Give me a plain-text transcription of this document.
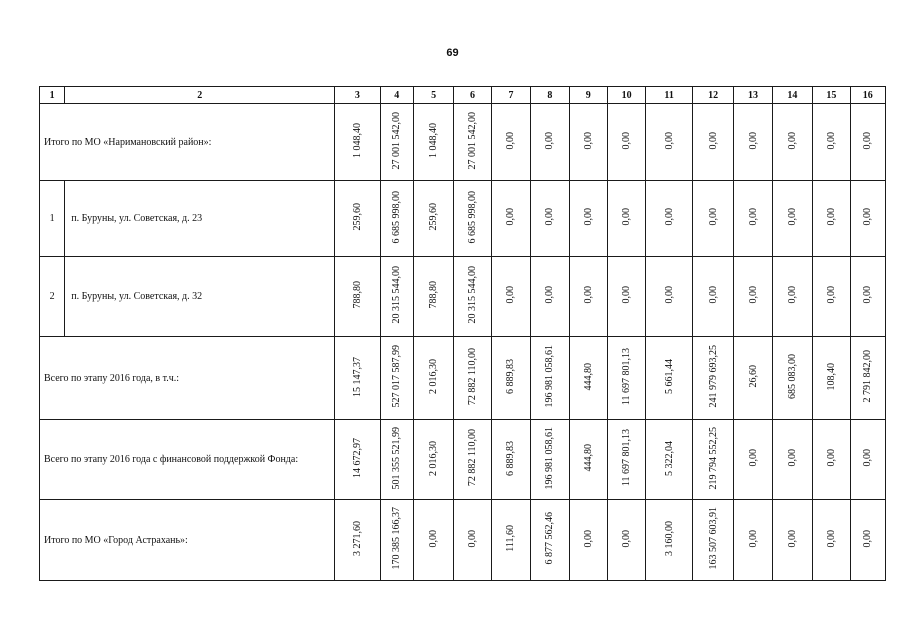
69
1	2	3	4	5	6	7	8	9	10	11	12	13	14	15	16
Итого по МО «Наримановский район»:		1 048,40	27 001 542,00	1 048,40	27 001 542,00	0,00	0,00	0,00	0,00	0,00	0,00	0,00	0,00	0,00	0,00
1	п. Буруны, ул. Советская, д. 23	259,60	6 685 998,00	259,60	6 685 998,00	0,00	0,00	0,00	0,00	0,00	0,00	0,00	0,00	0,00	0,00
2	п. Буруны, ул. Советская, д. 32	788,80	20 315 544,00	788,80	20 315 544,00	0,00	0,00	0,00	0,00	0,00	0,00	0,00	0,00	0,00	0,00
Всего по этапу 2016 года, в т.ч.:		15 147,37	527 017 587,99	2 016,30	72 882 110,00	6 889,83	196 981 058,61	444,80	11 697 801,13	5 661,44	241 979 693,25	26,60	685 083,00	108,40	2 791 842,00
Всего по этапу 2016 года с финансовой поддержкой Фонда:		14 672,97	501 355 521,99	2 016,30	72 882 110,00	6 889,83	196 981 058,61	444,80	11 697 801,13	5 322,04	219 794 552,25	0,00	0,00	0,00	0,00
Итого по МО «Город Астрахань»:		3 271,60	170 385 166,37	0,00	0,00	111,60	6 877 562,46	0,00	0,00	3 160,00	163 507 603,91	0,00	0,00	0,00	0,00
